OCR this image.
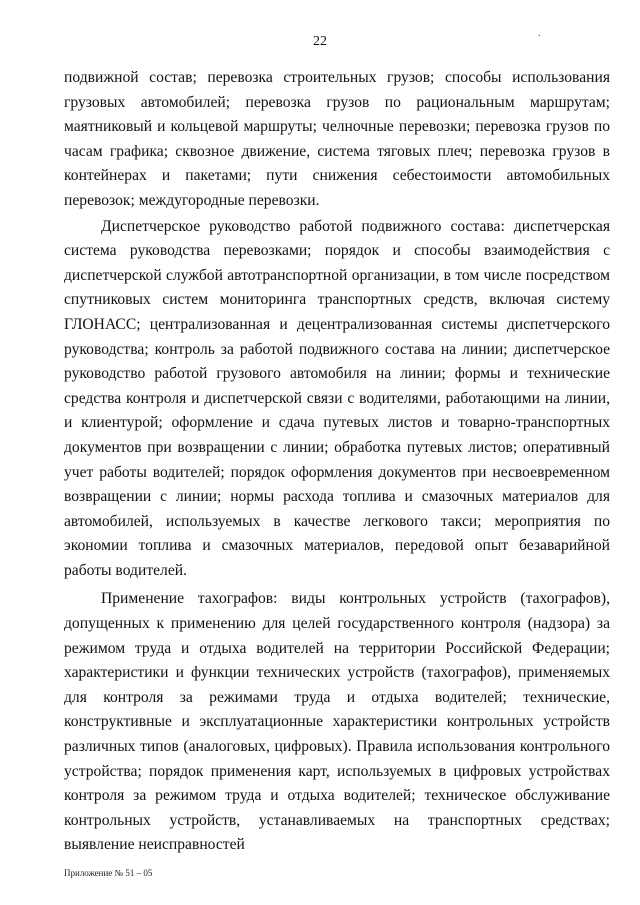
22
.

подвижной состав; перевозка строительных грузов; способы использования грузовых автомобилей; перевозка грузов по рациональным маршрутам; маятниковый и кольцевой маршруты; челночные перевозки; перевозка грузов по часам графика; сквозное движение, система тяговых плеч; перевозка грузов в контейнерах и пакетами; пути снижения себестоимости автомобильных перевозок; междугородные перевозки.

Диспетчерское руководство работой подвижного состава: диспетчерская система руководства перевозками; порядок и способы взаимодействия с диспетчерской службой автотранспортной организации, в том числе посредством спутниковых систем мониторинга транспортных средств, включая систему ГЛОНАСС; централизованная и децентрализованная системы диспетчерского руководства; контроль за работой подвижного состава на линии; диспетчерское руководство работой грузового автомобиля на линии; формы и технические средства контроля и диспетчерской связи с водителями, работающими на линии, и клиентурой; оформление и сдача путевых листов и товарно-транспортных документов при возвращении с линии; обработка путевых листов; оперативный учет работы водителей; порядок оформления документов при несвоевременном возвращении с линии; нормы расхода топлива и смазочных материалов для автомобилей, используемых в качестве легкового такси; мероприятия по экономии топлива и смазочных материалов, передовой опыт безаварийной работы водителей.

Применение тахографов: виды контрольных устройств (тахографов), допущенных к применению для целей государственного контроля (надзора) за режимом труда и отдыха водителей на территории Российской Федерации; характеристики и функции технических устройств (тахографов), применяемых для контроля за режимами труда и отдыха водителей; технические, конструктивные и эксплуатационные характеристики контрольных устройств различных типов (аналоговых, цифровых). Правила использования контрольного устройства; порядок применения карт, используемых в цифровых устройствах контроля за режимом труда и отдыха водителей; техническое обслуживание контрольных устройств, устанавливаемых на транспортных средствах; выявление неисправностей

Приложение № 51 – 05
